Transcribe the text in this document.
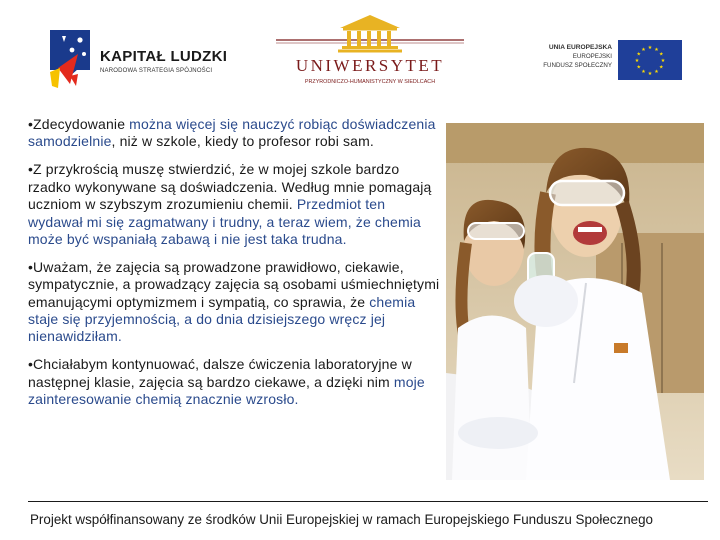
KAPITAŁ LUDZKI
NARODOWA STRATEGIA SPÓJNOŚCI	UNIWERSYTET
PRZYRODNICZO-HUMANISTYCZNY W SIEDLCACH
UNIA EUROPEJSKA
EUROPEJSKI
FUNDUSZ SPOŁECZNY
★ ★
★
★
★
★
★
★
★
★
★
★

•Zdecydowanie można więcej się nauczyć robiąc doświadczenia samodzielnie, niż w szkole, kiedy to profesor robi sam.

•Z przykrością muszę stwierdzić, że w mojej szkole bardzo rzadko wykonywane są doświadczenia. Według mnie pomagają uczniom w szybszym zrozumieniu chemii. Przedmiot ten wydawał mi się zagmatwany i trudny, a teraz wiem, że chemia może być wspaniałą zabawą i nie jest taka trudna.

•Uważam, że zajęcia są prowadzone prawidłowo, ciekawie, sympatycznie, a prowadzący zajęcia są osobami uśmiechniętymi emanującymi optymizmem i sympatią, co sprawia, że chemia staje się przyjemnością, a do dnia dzisiejszego wręcz jej nienawidziłam.

•Chciałabym kontynuować, dalsze ćwiczenia laboratoryjne w następnej klasie, zajęcia są bardzo ciekawe, a dzięki nim moje zainteresowanie chemią znacznie wzrosło.

Projekt współfinansowany ze środków Unii Europejskiej w ramach Europejskiego Funduszu Społecznego
